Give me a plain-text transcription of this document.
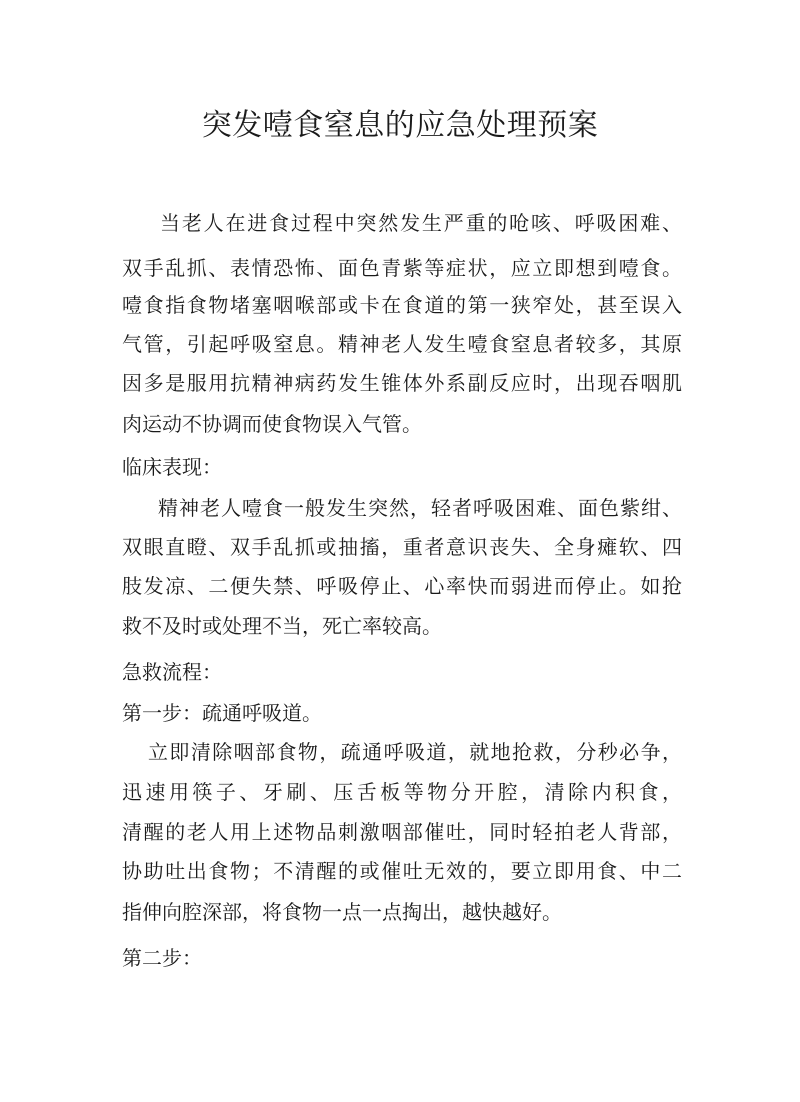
突发噎食窒息的应急处理预案
当老人在进食过程中突然发生严重的呛咳、呼吸困难、
双手乱抓、表情恐怖、面色青紫等症状，应立即想到噎食。
噎食指食物堵塞咽喉部或卡在食道的第一狭窄处，甚至误入
气管，引起呼吸窒息。精神老人发生噎食窒息者较多，其原
因多是服用抗精神病药发生锥体外系副反应时，出现吞咽肌
肉运动不协调而使食物误入气管。
临床表现：
精神老人噎食一般发生突然，轻者呼吸困难、面色紫绀、
双眼直瞪、双手乱抓或抽搐，重者意识丧失、全身瘫软、四
肢发凉、二便失禁、呼吸停止、心率快而弱进而停止。如抢
救不及时或处理不当，死亡率较高。
急救流程：
第一步：疏通呼吸道。
立即清除咽部食物，疏通呼吸道，就地抢救，分秒必争，
迅速用筷子、牙刷、压舌板等物分开腔，清除内积食，
清醒的老人用上述物品刺激咽部催吐，同时轻拍老人背部，
协助吐出食物；不清醒的或催吐无效的，要立即用食、中二
指伸向腔深部，将食物一点一点掏出，越快越好。
第二步：
